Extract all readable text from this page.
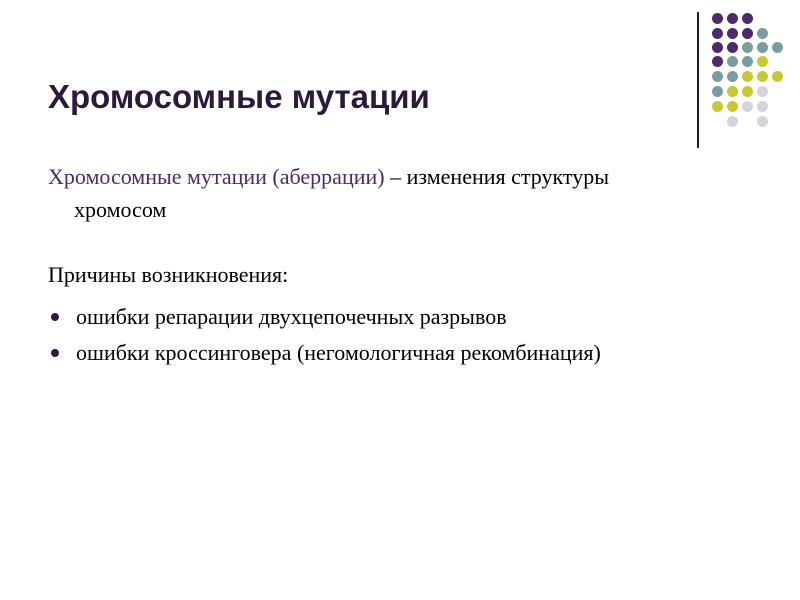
Хромосомные мутации
Хромосомные мутации (аберрации) – изменения структуры
хромосом
Причины возникновения:
ошибки репарации двухцепочечных разрывов
ошибки кроссинговера (негомологичная рекомбинация)
